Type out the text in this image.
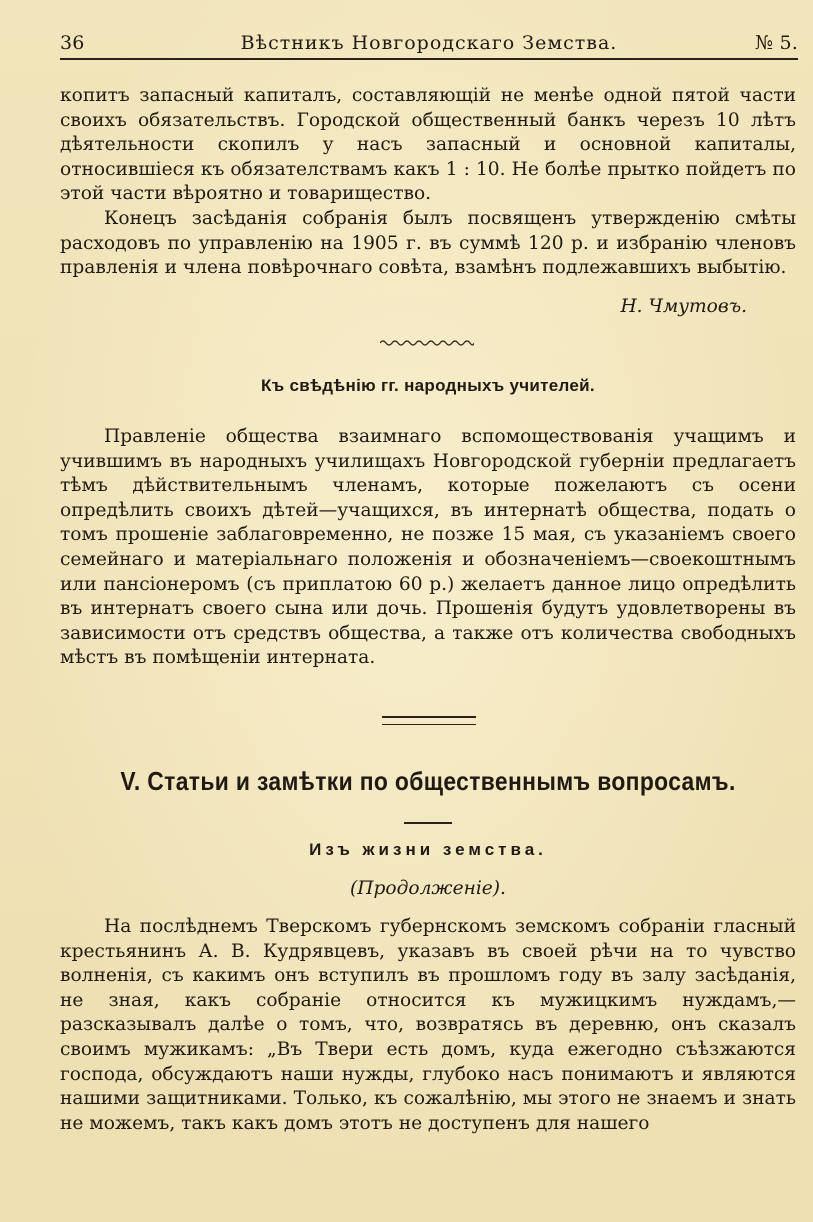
36	Вѣстникъ Новгородскаго Земства.	№ 5.

копитъ запасный капиталъ, составляющій не менѣе одной пятой части своихъ обязательствъ. Городской общественный банкъ черезъ 10 лѣтъ дѣятельности скопилъ у насъ запасный и основной капиталы, относившіеся къ обязателствамъ какъ 1 : 10. Не болѣе прытко пойдетъ по этой части вѣроятно и товарищество.

Конецъ засѣданія собранія былъ посвященъ утвержденію смѣты расходовъ по управленію на 1905 г. въ суммѣ 120 р. и избранію членовъ правленія и члена повѣрочнаго совѣта, взамѣнъ подлежавшихъ выбытію.

Н. Чмутовъ.
Къ свѣдѣнію гг. народныхъ учителей.

Правленіе общества взаимнаго вспомоществованія учащимъ и учившимъ въ народныхъ училищахъ Новгородской губерніи предлагаетъ тѣмъ дѣйствительнымъ членамъ, которые пожелаютъ съ осени опредѣлить своихъ дѣтей—учащихся, въ интернатѣ общества, подать о томъ прошеніе заблаговременно, не позже 15 мая, съ указаніемъ своего семейнаго и матеріальнаго положенія и обозначеніемъ—своекоштнымъ или пансіонеромъ (съ приплатою 60 р.) желаетъ данное лицо опредѣлить въ интернатъ своего сына или дочь. Прошенія будутъ удовлетворены въ зависимости отъ средствъ общества, а также отъ количества свободныхъ мѣстъ въ помѣщеніи интерната.

V. Статьи и замѣтки по общественнымъ вопросамъ.
Изъ жизни земства.
(Продолженіе).

На послѣднемъ Тверскомъ губернскомъ земскомъ собраніи гласный крестьянинъ А. В. Кудрявцевъ, указавъ въ своей рѣчи на то чувство волненія, съ какимъ онъ вступилъ въ прошломъ году въ залу засѣданія, не зная, какъ собраніе относится къ мужицкимъ нуждамъ,—разсказывалъ далѣе о томъ, что, возвратясь въ деревню, онъ сказалъ своимъ мужикамъ: „Въ Твери есть домъ, куда ежегодно съѣзжаются господа, обсуждаютъ наши нужды, глубоко насъ понимаютъ и являются нашими защитниками. Только, къ сожалѣнію, мы этого не знаемъ и знать не можемъ, такъ какъ домъ этотъ не доступенъ для нашего
